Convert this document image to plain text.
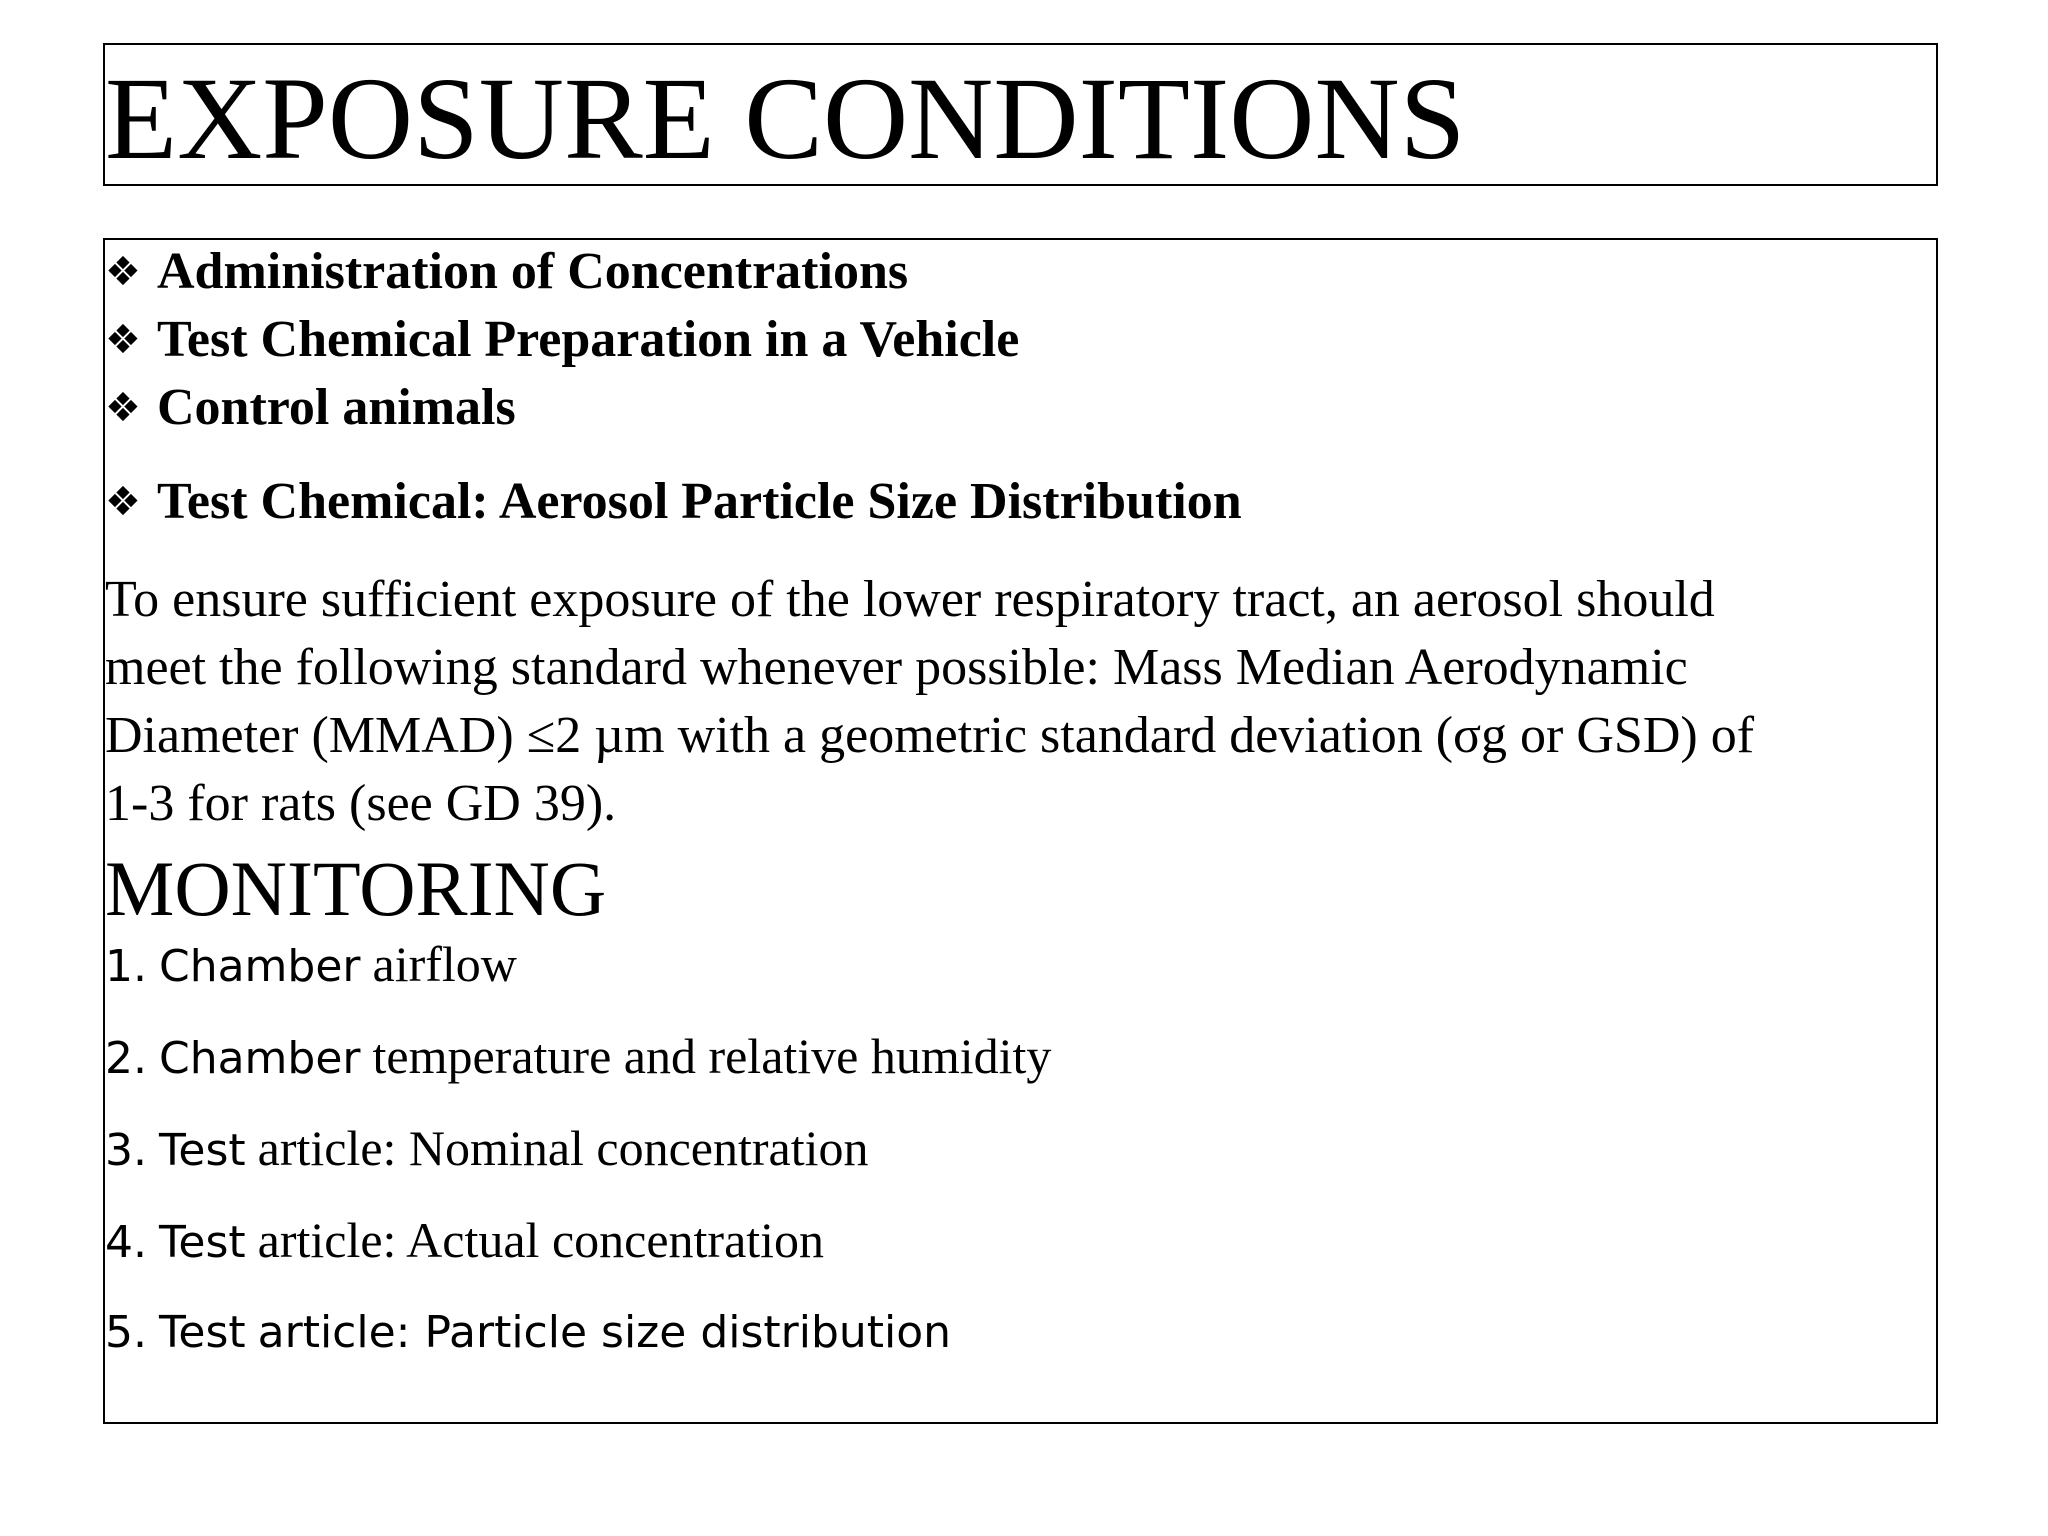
EXPOSURE CONDITIONS
❖ Administration of Concentrations
❖ Test Chemical Preparation in a Vehicle
❖ Control animals
❖ Test Chemical: Aerosol Particle Size Distribution
To ensure sufficient exposure of the lower respiratory tract, an aerosol should
meet the following standard whenever possible: Mass Median Aerodynamic
Diameter (MMAD) ≤2 µm with a geometric standard deviation (σg or GSD) of
1-3 for rats (see GD 39).
MONITORING
1. Chamber airflow
2. Chamber temperature and relative humidity
3. Test article: Nominal concentration
4. Test article: Actual concentration
5. Test article: Particle size distribution
